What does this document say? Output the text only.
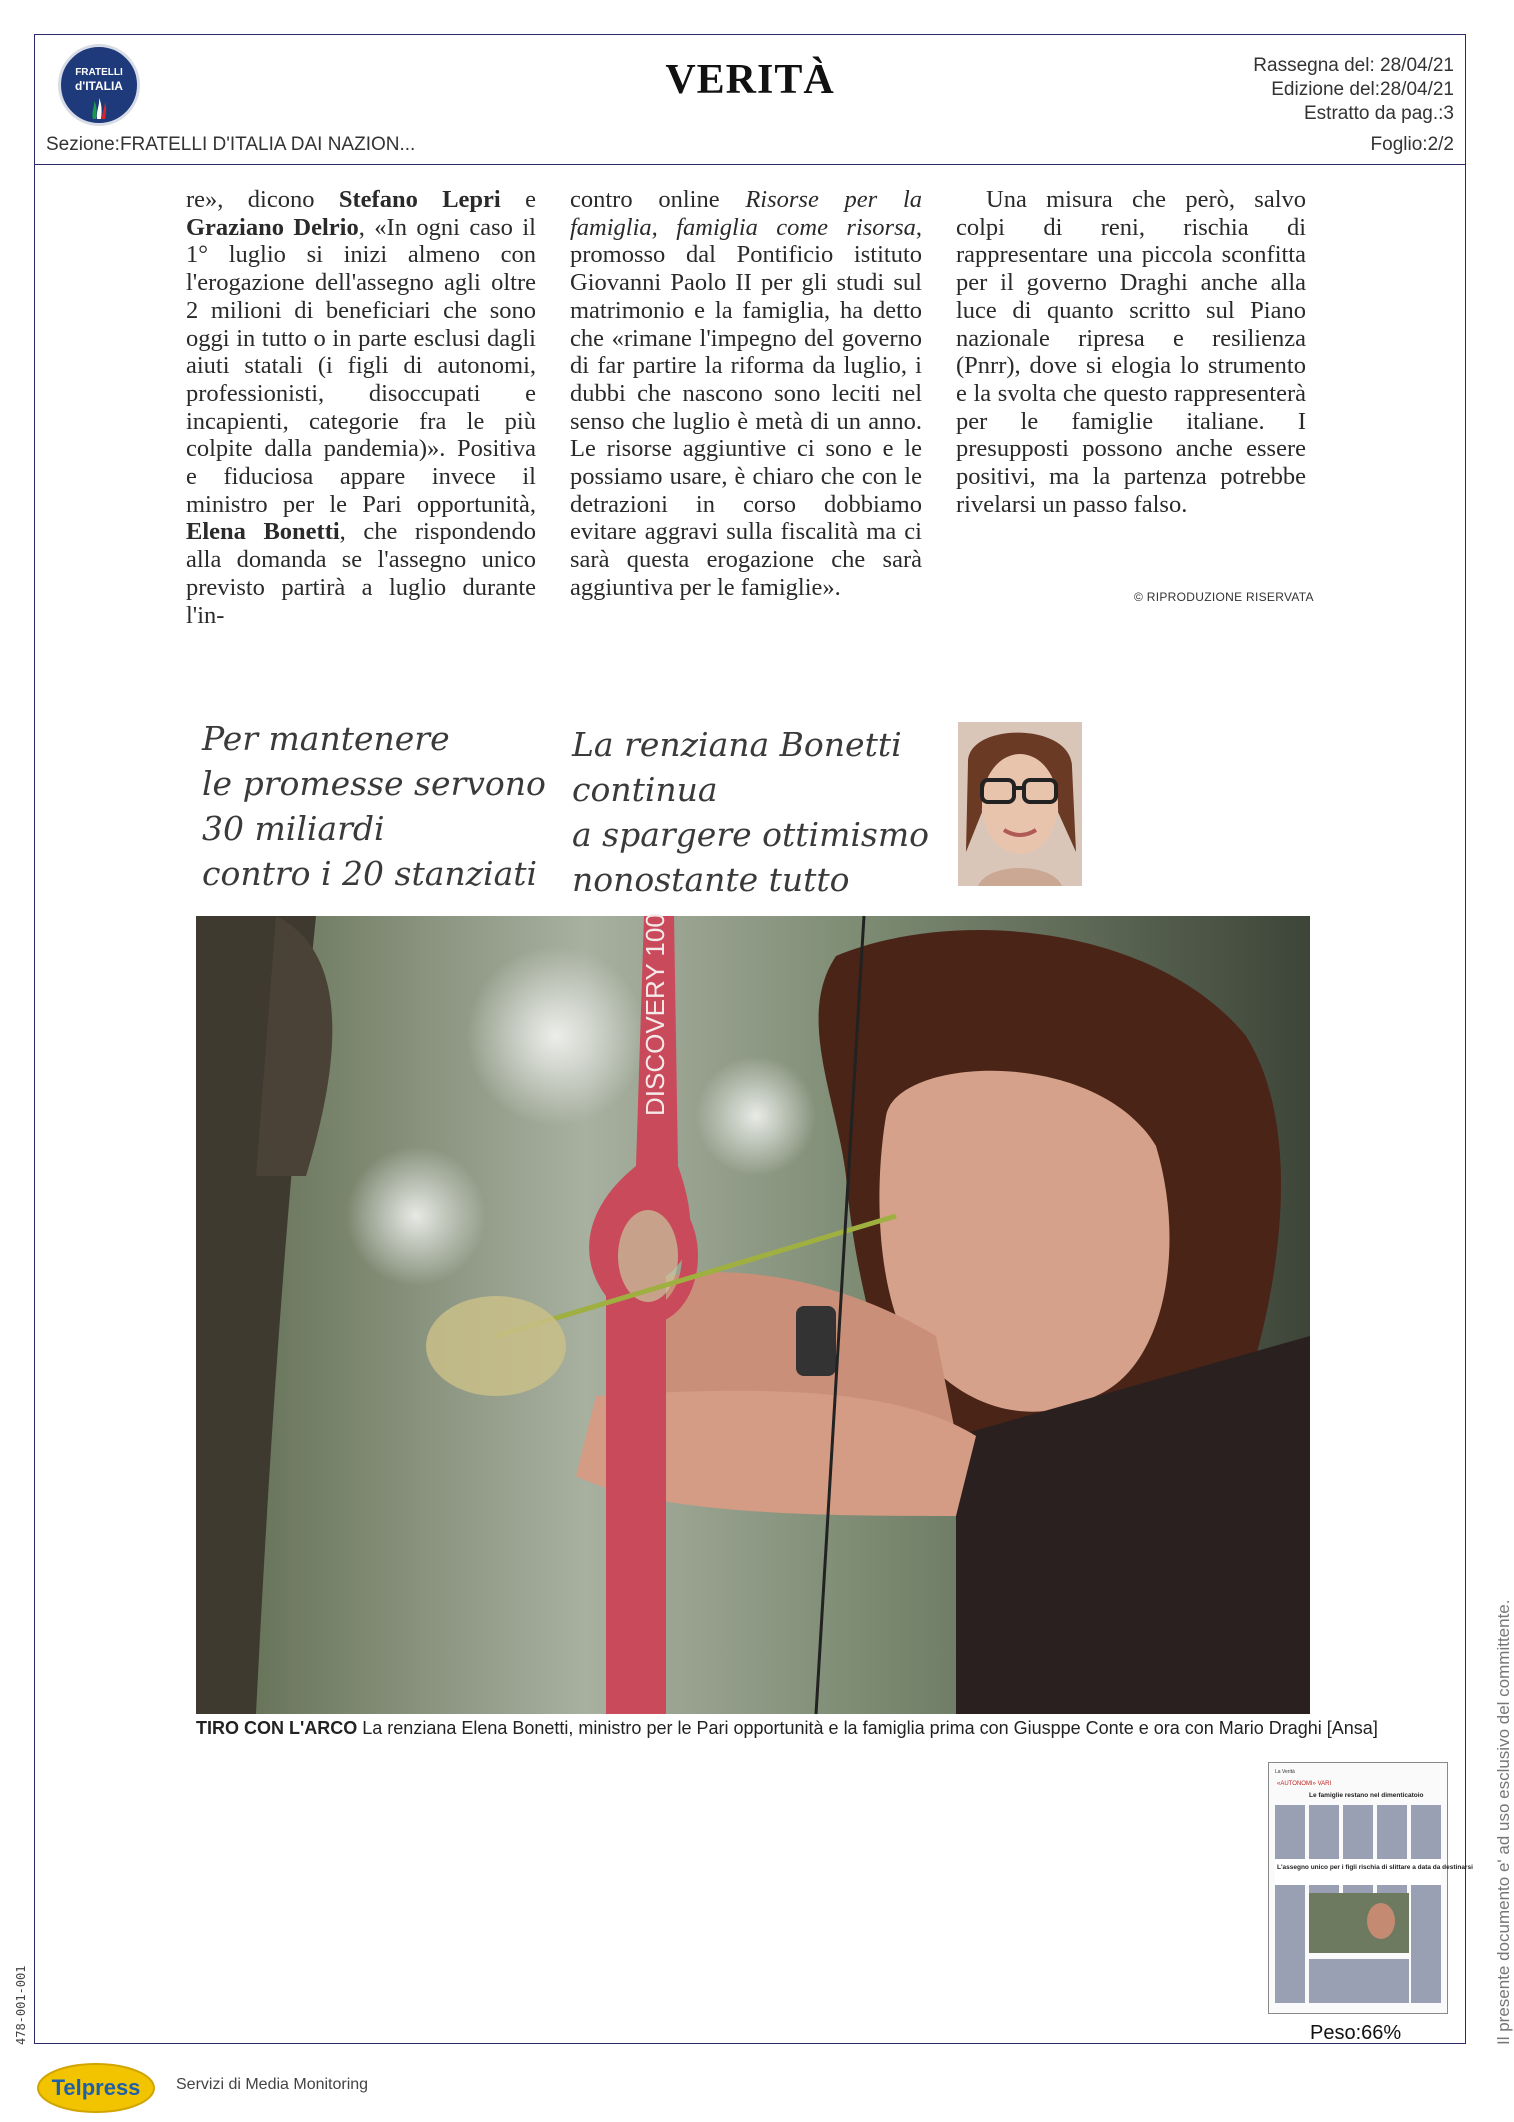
FRATELLI
d'ITALIA	VERITÀ	Rassegna del: 28/04/21
Edizione del:28/04/21
Estratto da pag.:3
Sezione:FRATELLI D'ITALIA DAI NAZION...	Foglio:2/2

re», dicono Stefano Lepri e Graziano Delrio, «In ogni caso il 1° luglio si inizi almeno con l'erogazione dell'assegno agli oltre 2 milioni di beneficiari che sono oggi in tutto o in parte esclusi dagli aiuti statali (i figli di autonomi, professionisti, disoccupati e incapienti, categorie fra le più colpite dalla pandemia)». Positiva e fiduciosa appare invece il ministro per le Pari opportunità, Elena Bonetti, che rispondendo alla domanda se l'assegno unico previsto partirà a luglio durante l'in-

contro online Risorse per la famiglia, famiglia come risorsa, promosso dal Pontificio istituto Giovanni Paolo II per gli studi sul matrimonio e la famiglia, ha detto che «rimane l'impegno del governo di far partire la riforma da luglio, i dubbi che nascono sono leciti nel senso che luglio è metà di un anno. Le risorse aggiuntive ci sono e le possiamo usare, è chiaro che con le detrazioni in corso dobbiamo evitare aggravi sulla fiscalità ma ci sarà questa erogazione che sarà aggiuntiva per le famiglie».

Una misura che però, salvo colpi di reni, rischia di rappresentare una piccola sconfitta per il governo Draghi anche alla luce di quanto scritto sul Piano nazionale ripresa e resilienza (Pnrr), dove si elogia lo strumento e la svolta che questo rappresenterà per le famiglie italiane. I presupposti possono anche essere positivi, ma la partenza potrebbe rivelarsi un passo falso.

© RIPRODUZIONE RISERVATA
Per mantenere
le promesse servono
30 miliardi
contro i 20 stanziati
La renziana Bonetti
continua
a spargere ottimismo
nonostante tutto
DISCOVERY 100
TIRO CON L'ARCO La renziana Elena Bonetti, ministro per le Pari opportunità e la famiglia prima con Giusppe Conte e ora con Mario Draghi [Ansa]
La Verità
«AUTONOMI» VARI
Le famiglie restano nel dimenticatoio
L'assegno unico per i figli rischia di slittare a data da destinarsi
Peso:66%	Il presente documento e' ad uso esclusivo del committente.
478-001-001
Telpress Servizi di Media Monitoring
